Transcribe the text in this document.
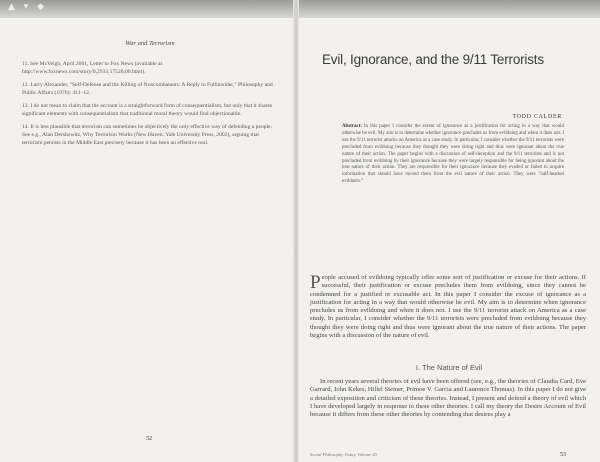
▲ ▾ ◆
War and Terrorism
11. See McVeigh, April 2001, Letter to Fox News (available at http://www.foxnews.com/story/0,2933,17520,00.html).
12. Larry Alexander, "Self-Defense and the Killing of Noncombatants: A Reply to Fullinwider," Philosophy and Public Affairs (1976): 411–12.
13. I do not mean to claim that the account is a straightforward form of consequentialism, but only that it shares significant elements with consequentialism that traditional moral theory would find objectionable.
14. It is less plausible that terrorism can sometimes be objectively the only effective way of defending a people. See e.g., Alan Dershowitz, Why Terrorism Works (New Haven: Yale University Press, 2002), arguing that terrorism persists in the Middle East precisely because it has been an effective tool.
52
Evil, Ignorance, and the 9/11 Terrorists
TODD CALDER
Abstract: In this paper I consider the extent of ignorance as a justification for acting in a way that would otherwise be evil. My aim is to determine whether ignorance precludes us from evildoing and when it does not. I use the 9/11 terrorist attacks on America as a case study. In particular, I consider whether the 9/11 terrorists were precluded from evildoing because they thought they were doing right and thus were ignorant about the true nature of their action. The paper begins with a discussion of self-deception and the 9/11 terrorists and is not precluded from evildoing by their ignorance because they were largely responsible for being ignorant about the true nature of their action. They are responsible for their ignorance because they evaded or failed to acquire information that should have moved them from the evil nature of their action. They were "half-hearted evildoers."
P eople accused of evildoing typically offer some sort of justification or excuse for their actions. If successful, their justification or excuse precludes them from evildoing, since they cannot be condemned for a justified or excusable act. In this paper I consider the excuse of ignorance as a justification for acting in a way that would otherwise be evil. My aim is to determine when ignorance precludes us from evildoing and when it does not. I use the 9/11 terrorist attack on America as a case study. In particular, I consider whether the 9/11 terrorists were precluded from evildoing because they thought they were doing right and thus were ignorant about the true nature of their actions. The paper begins with a discussion of the nature of evil.
I. The Nature of Evil
In recent years several theories of evil have been offered (see, e.g., the theories of Claudia Card, Eve Garrard, John Kekes, Hillel Steiner, Primoe V. Garcia and Laurence Thomas). In this paper I do not give a detailed exposition and criticism of these theories. Instead, I present and defend a theory of evil which I have developed largely in response to these other theories. I call my theory the Desire Account of Evil because it differs from these other theories by contending that desires play a
Social Philosophy Today, Volume 20	53
